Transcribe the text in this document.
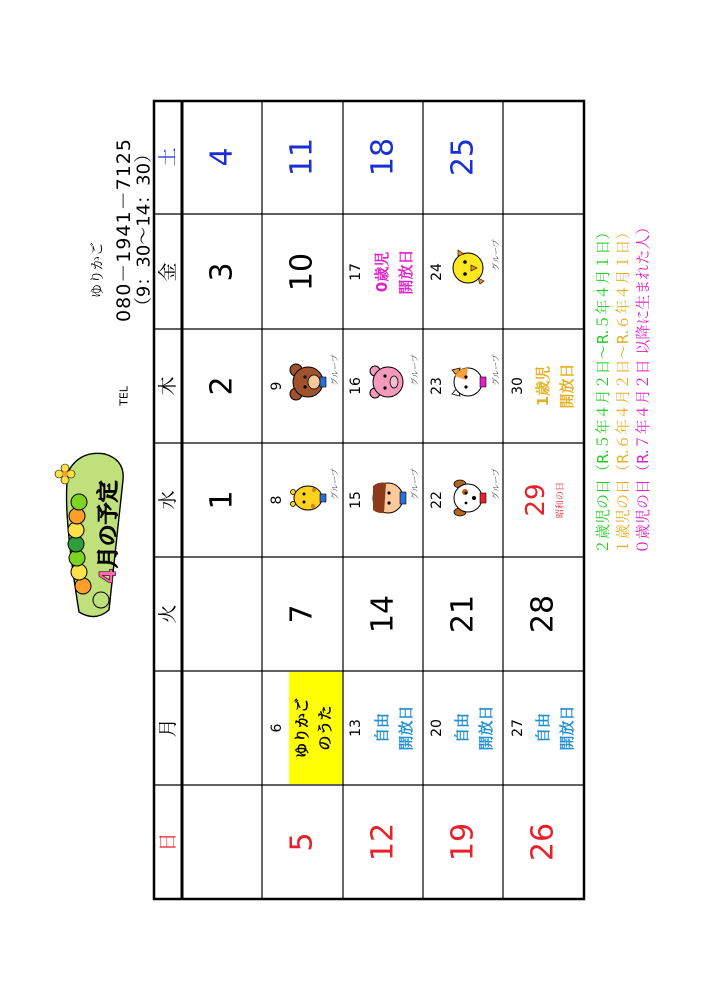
土
金
木
水
火
月
日
4
3
2
1
11
10
9
8
グループ
グループ
7
6 ゆりかご のうた
5
18
17 0歳児 開放日
16
15
グループ
グループ
14
13 自由 開放日
12
25
24
グループ
23
グループ
22
グループ
21
20 自由 開放日
19
30 1歳児 開放日
29 昭和の日
28
27 自由 開放日
26
4月の予定
ゆりかご
TEL
080－1941－7125
（9：30～14：30）	２歳児の日（R.５年４月２日～R.５年４月１日） １歳児の日（R.６年４月２日～R.６年４月１日） ０歳児の日（R.７年４月２日 以降に生まれた人）
